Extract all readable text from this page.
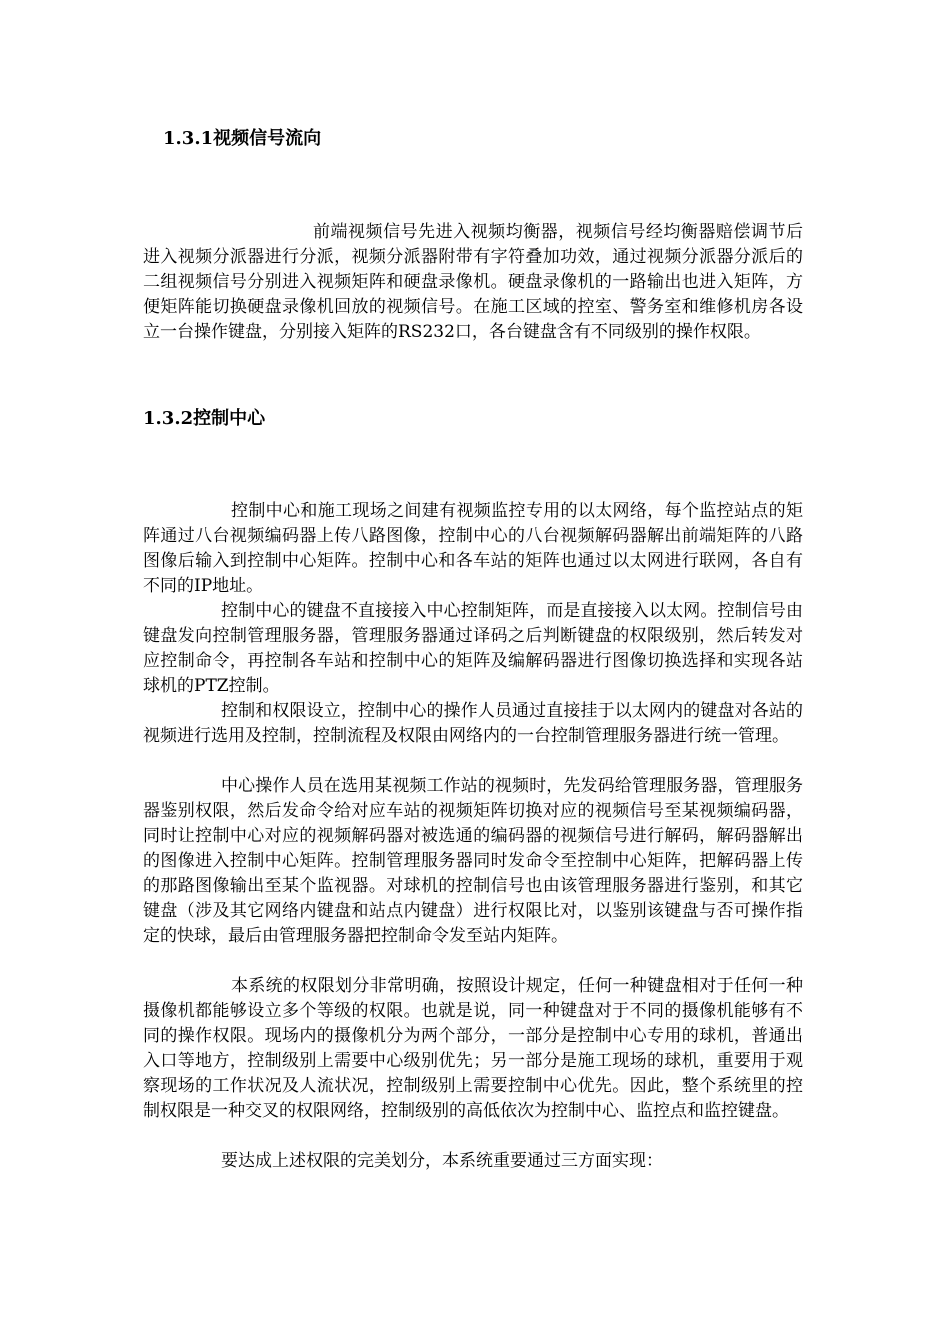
1.3.1视频信号流向

前端视频信号先进入视频均衡器，视频信号经均衡器赔偿调节后进入视频分派器进行分派，视频分派器附带有字符叠加功效，通过视频分派器分派后的二组视频信号分别进入视频矩阵和硬盘录像机。硬盘录像机的一路输出也进入矩阵，方便矩阵能切换硬盘录像机回放的视频信号。在施工区域的控室、警务室和维修机房各设立一台操作键盘，分别接入矩阵的RS232口，各台键盘含有不同级别的操作权限。

1.3.2控制中心

控制中心和施工现场之间建有视频监控专用的以太网络，每个监控站点的矩阵通过八台视频编码器上传八路图像，控制中心的八台视频解码器解出前端矩阵的八路图像后输入到控制中心矩阵。控制中心和各车站的矩阵也通过以太网进行联网，各自有不同的IP地址。

控制中心的键盘不直接接入中心控制矩阵，而是直接接入以太网。控制信号由键盘发向控制管理服务器，管理服务器通过译码之后判断键盘的权限级别，然后转发对应控制命令，再控制各车站和控制中心的矩阵及编解码器进行图像切换选择和实现各站球机的PTZ控制。

控制和权限设立，控制中心的操作人员通过直接挂于以太网内的键盘对各站的视频进行选用及控制，控制流程及权限由网络内的一台控制管理服务器进行统一管理。

中心操作人员在选用某视频工作站的视频时，先发码给管理服务器，管理服务器鉴别权限，然后发命令给对应车站的视频矩阵切换对应的视频信号至某视频编码器，同时让控制中心对应的视频解码器对被选通的编码器的视频信号进行解码，解码器解出的图像进入控制中心矩阵。控制管理服务器同时发命令至控制中心矩阵，把解码器上传的那路图像输出至某个监视器。对球机的控制信号也由该管理服务器进行鉴别，和其它键盘（涉及其它网络内键盘和站点内键盘）进行权限比对，以鉴别该键盘与否可操作指定的快球，最后由管理服务器把控制命令发至站内矩阵。

本系统的权限划分非常明确，按照设计规定，任何一种键盘相对于任何一种摄像机都能够设立多个等级的权限。也就是说，同一种键盘对于不同的摄像机能够有不同的操作权限。现场内的摄像机分为两个部分，一部分是控制中心专用的球机，普通出入口等地方，控制级别上需要中心级别优先；另一部分是施工现场的球机，重要用于观察现场的工作状况及人流状况，控制级别上需要控制中心优先。因此，整个系统里的控制权限是一种交叉的权限网络，控制级别的高低依次为控制中心、监控点和监控键盘。

要达成上述权限的完美划分，本系统重要通过三方面实现：
